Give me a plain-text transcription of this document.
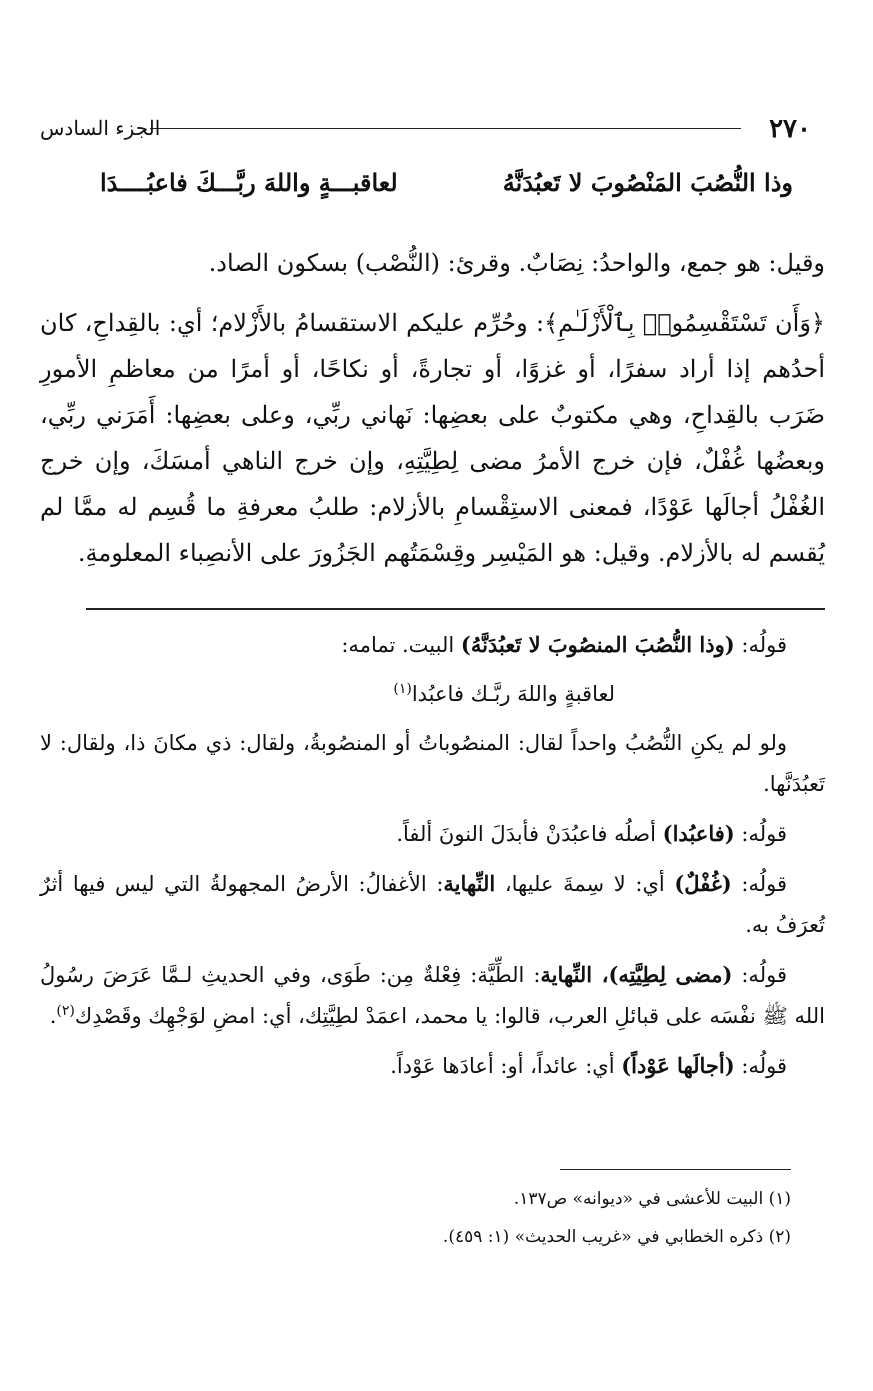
٢٧٠
الجزء السادس
وذا النُّصُبَ المَنْصُوبَ لا تَعبُدَنَّهُ
لعاقبـــةٍ واللهَ ربَّـــكَ فاعبُــــدَا

وقيل: هو جمع، والواحدُ: نِصَابٌ. وقرئ: (النُّصْب) بسكون الصاد.

﴿وَأَن تَسْتَقْسِمُوا۟ بِٱلْأَزْلَـٰمِ﴾: وحُرِّم عليكم الاستقسامُ بالأَزْلام؛ أي: بالقِداحِ، كان أحدُهم إذا أراد سفرًا، أو غزوًا، أو تجارةً، أو نكاحًا، أو أمرًا من معاظمِ الأمورِ ضَرَب بالقِداحِ، وهي مكتوبٌ على بعضِها: نَهاني ربِّي، وعلى بعضِها: أَمَرَني ربِّي، وبعضُها غُفْلٌ، فإن خرج الأمرُ مضى لِطِيَّتِهِ، وإن خرج الناهي أمسَكَ، وإن خرج الغُفْلُ أجالَها عَوْدًا، فمعنى الاستِقْسامِ بالأزلام: طلبُ معرفةِ ما قُسِم له ممَّا لم يُقسم له بالأزلام. وقيل: هو المَيْسِر وقِسْمَتُهم الجَزُورَ على الأنصِباء المعلومةِ.

قولُه: (وذا النُّصُبَ المنصُوبَ لا تَعبُدَنَّهُ) البيت. تمامه:

لعاقبةٍ واللهَ ربَّـك فاعبُدا$^{(١)}$

ولو لم يكنِ النُّصُبُ واحداً لقال: المنصُوباتُ أو المنصُوبةُ، ولقال: ذي مكانَ ذا، ولقال: لا تَعبُدَنَّها.

قولُه: (فاعبُدا) أصلُه فاعبُدَنْ فأبدَلَ النونَ ألفاً.

قولُه: (غُفْلٌ) أي: لا سِمةَ عليها، النِّهاية: الأغفالُ: الأرضُ المجهولةُ التي ليس فيها أثرٌ تُعرَفُ به.

قولُه: (مضى لِطِيَّتِه)، النِّهاية: الطِّيَّة: فِعْلةٌ مِن: طَوَى، وفي الحديثِ لـمَّا عَرَضَ رسُولُ الله ﷺ نفْسَه على قبائلِ العرب، قالوا: يا محمد، اعمَدْ لطِيَّتِك، أي: امضِ لوَجْهِك وقَصْدِك$^{(٢)}$.

قولُه: (أجالَها عَوْداً) أي: عائداً، أو: أعادَها عَوْداً.

(١) البيت للأعشى في «ديوانه» ص١٣٧.

(٢) ذكره الخطابي في «غريب الحديث» (١: ٤٥٩).
